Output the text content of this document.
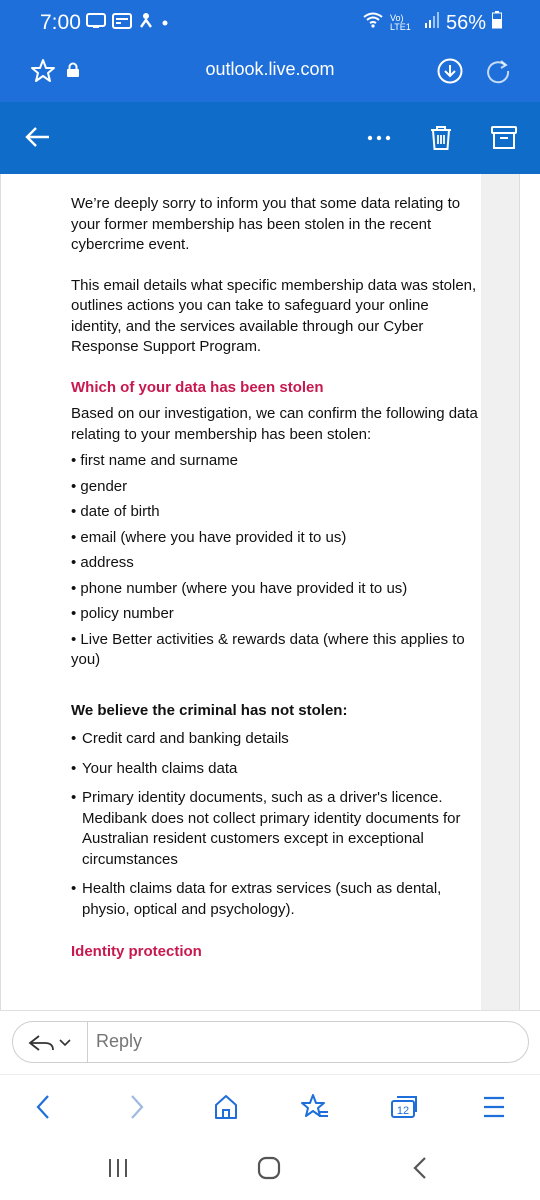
7:00	Vo) LTE1	56%
outlook.live.com

We’re deeply sorry to inform you that some data relating to your former membership has been stolen in the recent cybercrime event.

This email details what specific membership data was stolen, outlines actions you can take to safeguard your online identity, and the services available through our Cyber Response Support Program.

Which of your data has been stolen
Based on our investigation, we can confirm the following data relating to your membership has been stolen:
• first name and surname
• gender
• date of birth
• email (where you have provided it to us)
• address
• phone number (where you have provided it to us)
• policy number
• Live Better activities & rewards data (where this applies to you)
We believe the criminal has not stolen:
• Credit card and banking details
• Your health claims data
• Primary identity documents, such as a driver's licence. Medibank does not collect primary identity documents for Australian resident customers except in exceptional circumstances
• Health claims data for extras services (such as dental, physio, optical and psychology).
Identity protection
Reply
12
